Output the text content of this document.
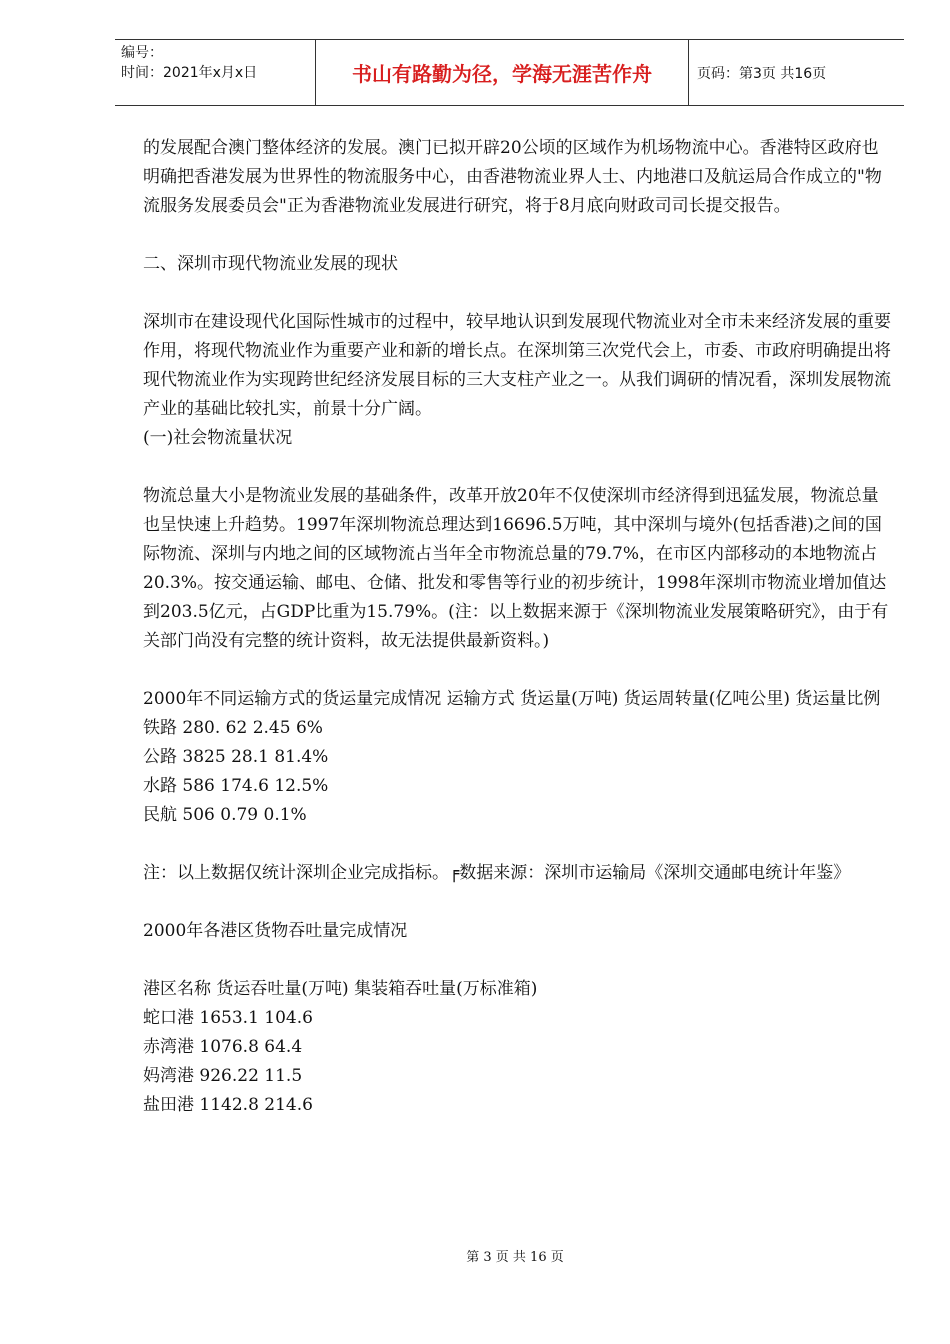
编号：
时间：2021年x月x日	书山有路勤为径，学海无涯苦作舟	页码：第3页 共16页

的发展配合澳门整体经济的发展。澳门已拟开辟20公顷的区域作为机场物流中心。香港特区政府也明确把香港发展为世界性的物流服务中心，由香港物流业界人士、内地港口及航运局合作成立的"物流服务发展委员会"正为香港物流业发展进行研究，将于8月底向财政司司长提交报告。

二、深圳市现代物流业发展的现状

深圳市在建设现代化国际性城市的过程中，较早地认识到发展现代物流业对全市未来经济发展的重要作用，将现代物流业作为重要产业和新的增长点。在深圳第三次党代会上，市委、市政府明确提出将现代物流业作为实现跨世纪经济发展目标的三大支柱产业之一。从我们调研的情况看，深圳发展物流产业的基础比较扎实，前景十分广阔。

(一)社会物流量状况

物流总量大小是物流业发展的基础条件，改革开放20年不仅使深圳市经济得到迅猛发展，物流总量也呈快速上升趋势。1997年深圳物流总理达到16696.5万吨，其中深圳与境外(包括香港)之间的国际物流、深圳与内地之间的区域物流占当年全市物流总量的79.7%，在市区内部移动的本地物流占20.3%。按交通运输、邮电、仓储、批发和零售等行业的初步统计，1998年深圳市物流业增加值达到203.5亿元，占GDP比重为15.79%。(注：以上数据来源于《深圳物流业发展策略研究》，由于有关部门尚没有完整的统计资料，故无法提供最新资料。)

2000年不同运输方式的货运量完成情况 运输方式 货运量(万吨) 货运周转量(亿吨公里) 货运量比例

铁路 280. 62 2.45 6%

公路 3825 28.1 81.4%

水路 586 174.6 12.5%

民航 506 0.79 0.1%

注：以上数据仅统计深圳企业完成指标。╒数据来源：深圳市运输局《深圳交通邮电统计年鉴》

2000年各港区货物吞吐量完成情况

港区名称 货运吞吐量(万吨) 集装箱吞吐量(万标准箱)

蛇口港 1653.1 104.6

赤湾港 1076.8 64.4

妈湾港 926.22 11.5

盐田港 1142.8 214.6

第 3 页 共 16 页
